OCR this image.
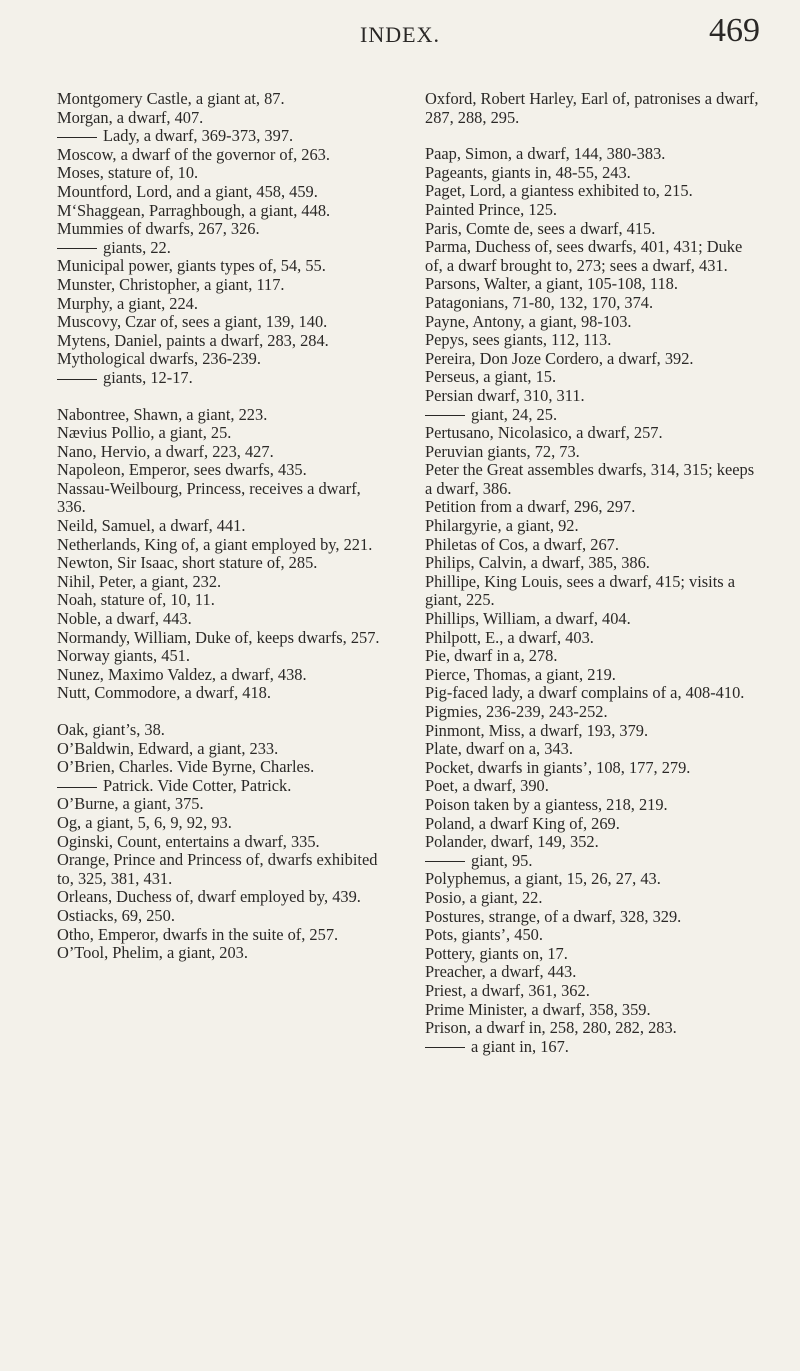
INDEX.	469
Montgomery Castle, a giant at, 87.
Morgan, a dwarf, 407.
Lady, a dwarf, 369-373, 397.
Moscow, a dwarf of the governor of, 263.
Moses, stature of, 10.
Mountford, Lord, and a giant, 458, 459.
M‘Shaggean, Parraghbough, a giant, 448.
Mummies of dwarfs, 267, 326.
giants, 22.
Municipal power, giants types of, 54, 55.
Munster, Christopher, a giant, 117.
Murphy, a giant, 224.
Muscovy, Czar of, sees a giant, 139, 140.
Mytens, Daniel, paints a dwarf, 283, 284.
Mythological dwarfs, 236-239.
giants, 12-17.
Nabontree, Shawn, a giant, 223.
Nævius Pollio, a giant, 25.
Nano, Hervio, a dwarf, 223, 427.
Napoleon, Emperor, sees dwarfs, 435.
Nassau-Weilbourg, Princess, receives a dwarf, 336.
Neild, Samuel, a dwarf, 441.
Netherlands, King of, a giant employed by, 221.
Newton, Sir Isaac, short stature of, 285.
Nihil, Peter, a giant, 232.
Noah, stature of, 10, 11.
Noble, a dwarf, 443.
Normandy, William, Duke of, keeps dwarfs, 257.
Norway giants, 451.
Nunez, Maximo Valdez, a dwarf, 438.
Nutt, Commodore, a dwarf, 418.
Oak, giant’s, 38.
O’Baldwin, Edward, a giant, 233.
O’Brien, Charles. Vide Byrne, Charles.
Patrick. Vide Cotter, Patrick.
O’Burne, a giant, 375.
Og, a giant, 5, 6, 9, 92, 93.
Oginski, Count, entertains a dwarf, 335.
Orange, Prince and Princess of, dwarfs exhibited to, 325, 381, 431.
Orleans, Duchess of, dwarf employed by, 439.
Ostiacks, 69, 250.
Otho, Emperor, dwarfs in the suite of, 257.
O’Tool, Phelim, a giant, 203.
Oxford, Robert Harley, Earl of, patronises a dwarf, 287, 288, 295.
Paap, Simon, a dwarf, 144, 380-383.
Pageants, giants in, 48-55, 243.
Paget, Lord, a giantess exhibited to, 215.
Painted Prince, 125.
Paris, Comte de, sees a dwarf, 415.
Parma, Duchess of, sees dwarfs, 401, 431; Duke of, a dwarf brought to, 273; sees a dwarf, 431.
Parsons, Walter, a giant, 105-108, 118.
Patagonians, 71-80, 132, 170, 374.
Payne, Antony, a giant, 98-103.
Pepys, sees giants, 112, 113.
Pereira, Don Joze Cordero, a dwarf, 392.
Perseus, a giant, 15.
Persian dwarf, 310, 311.
giant, 24, 25.
Pertusano, Nicolasico, a dwarf, 257.
Peruvian giants, 72, 73.
Peter the Great assembles dwarfs, 314, 315; keeps a dwarf, 386.
Petition from a dwarf, 296, 297.
Philargyrie, a giant, 92.
Philetas of Cos, a dwarf, 267.
Philips, Calvin, a dwarf, 385, 386.
Phillipe, King Louis, sees a dwarf, 415; visits a giant, 225.
Phillips, William, a dwarf, 404.
Philpott, E., a dwarf, 403.
Pie, dwarf in a, 278.
Pierce, Thomas, a giant, 219.
Pig-faced lady, a dwarf complains of a, 408-410.
Pigmies, 236-239, 243-252.
Pinmont, Miss, a dwarf, 193, 379.
Plate, dwarf on a, 343.
Pocket, dwarfs in giants’, 108, 177, 279.
Poet, a dwarf, 390.
Poison taken by a giantess, 218, 219.
Poland, a dwarf King of, 269.
Polander, dwarf, 149, 352.
giant, 95.
Polyphemus, a giant, 15, 26, 27, 43.
Posio, a giant, 22.
Postures, strange, of a dwarf, 328, 329.
Pots, giants’, 450.
Pottery, giants on, 17.
Preacher, a dwarf, 443.
Priest, a dwarf, 361, 362.
Prime Minister, a dwarf, 358, 359.
Prison, a dwarf in, 258, 280, 282, 283.
a giant in, 167.
